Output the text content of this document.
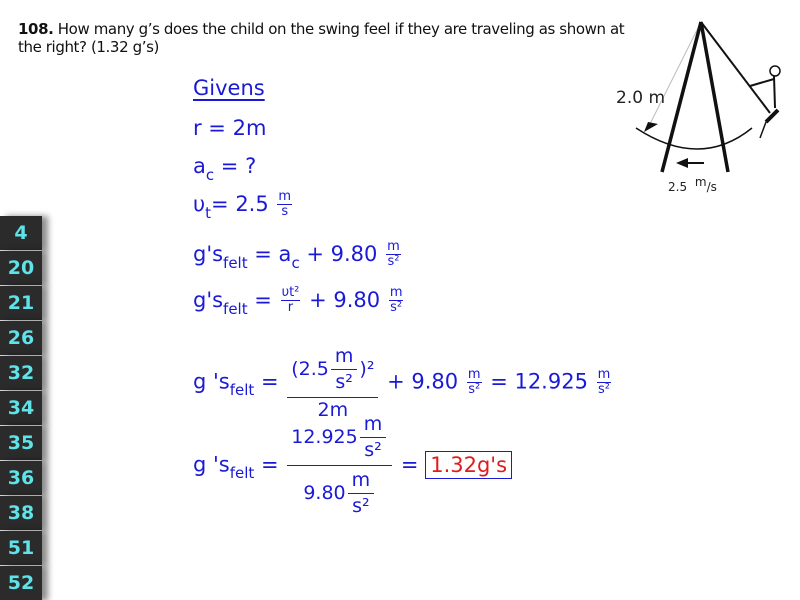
108. How many g’s does the child on the swing feel if they are traveling as shown at the right? (1.32 g’s)
2.0 m
2.5 $^m$/s
Givens
r = 2m
$a_c$ = ?
$\upsilon_t= 2.5 \frac{m}{s}$
$g's_{felt} = a_c + 9.80 \frac{m}{\text{s²}}$
$g's_{felt} = \frac{\text{υt²}}{r} + 9.80 \frac{m}{\text{s²}}$
g '$s_{felt} = \frac{(2.5 \frac{m}{\text{s²}} )^2}{2m} + 9.80 \frac{m}{\text{s²}} = 12.925 \frac{m}{\text{s²}}$
g '$s_{felt} = \frac{12.925 \frac{m}{\text{s²}}}{9.80 \frac{m}{\text{s²}}} = 1.32g's$
4
20
21
26
32
34
35
36
38
51
52
